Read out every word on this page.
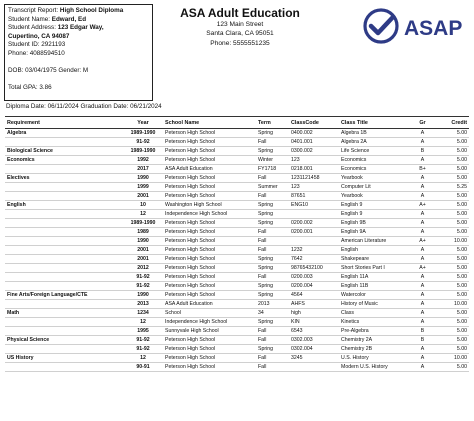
Transcript Report: High School Diploma
Student Name: Edward, Ed
Student Address: 123 Edgar Way,
Cupertino, CA 94087
Student ID: 2921193
Phone: 4088594510
DOB: 03/04/1975 Gender: M
Total GPA: 3.86
ASA Adult Education
123 Main Street
Santa Clara, CA 95051
Phone: 5555551235
ASAP
Diploma Date: 06/11/2024 Graduation Date: 06/21/2024
Requirement	Year	School Name	Term	ClassCode	Class Title	Gr	Credit
Algebra	1989-1990	Peterson High School	Spring	0400.002	Algebra 1B	A	5.00
	91-92	Peterson High School	Fall	0401.001	Algebra 2A	A	5.00
Biological Science	1989-1990	Peterson High School	Spring	0300.002	Life Science	B	5.00
Economics	1992	Peterson High School	Winter	123	Economics	A	5.00
	2017	ASA Adult Education	FY1718	0218.001	Economics	B+	5.00
Electives	1990	Peterson High School	Fall	1231121458	Yearbook	A	5.00
	1999	Peterson High School	Summer	123	Computer Lit	A	5.25
	2001	Peterson High School	Fall	87651	Yearbook	A	5.00
English	10	Washington High School	Spring	ENG10	English 9	A+	5.00
	12	Independence High School	Spring		English 9	A	5.00
	1989-1990	Peterson High School	Spring	0200.002	English 9B	A	5.00
	1989	Peterson High School	Fall	0200.001	English 9A	A	5.00
	1990	Peterson High School	Fall		American Literature	A+	10.00
	2001	Peterson High School	Fall	1232	English	A	5.00
	2001	Peterson High School	Spring	7642	Shakepeare	A	5.00
	2012	Peterson High School	Spring	98765432100	Short Stories Part I	A+	5.00
	91-92	Peterson High School	Fall	0200.003	English 11A	A	5.00
	91-92	Peterson High School	Spring	0200.004	English 11B	A	5.00
Fine Arts/Foreign Language/CTE	1990	Peterson High School	Spring	4564	Watercolor	A	5.00
	2013	ASA Adult Education	2013	AHFS	History of Music	A	10.00
Math	1234	School	34	high	Class	A	5.00
	12	Independence High School	Spring	KIN	Kinetics	A	5.00
	1995	Sunnyvale High School	Fall	6543	Pre-Algebra	B	5.00
Physical Science	91-92	Peterson High School	Fall	0302.003	Chemistry 2A	B	5.00
	91-92	Peterson High School	Spring	0302.004	Chemistry 2B	A	5.00
US History	12	Peterson High School	Fall	3245	U.S. History	A	10.00
	90-91	Peterson High School	Fall		Modern U.S. History	A	5.00
